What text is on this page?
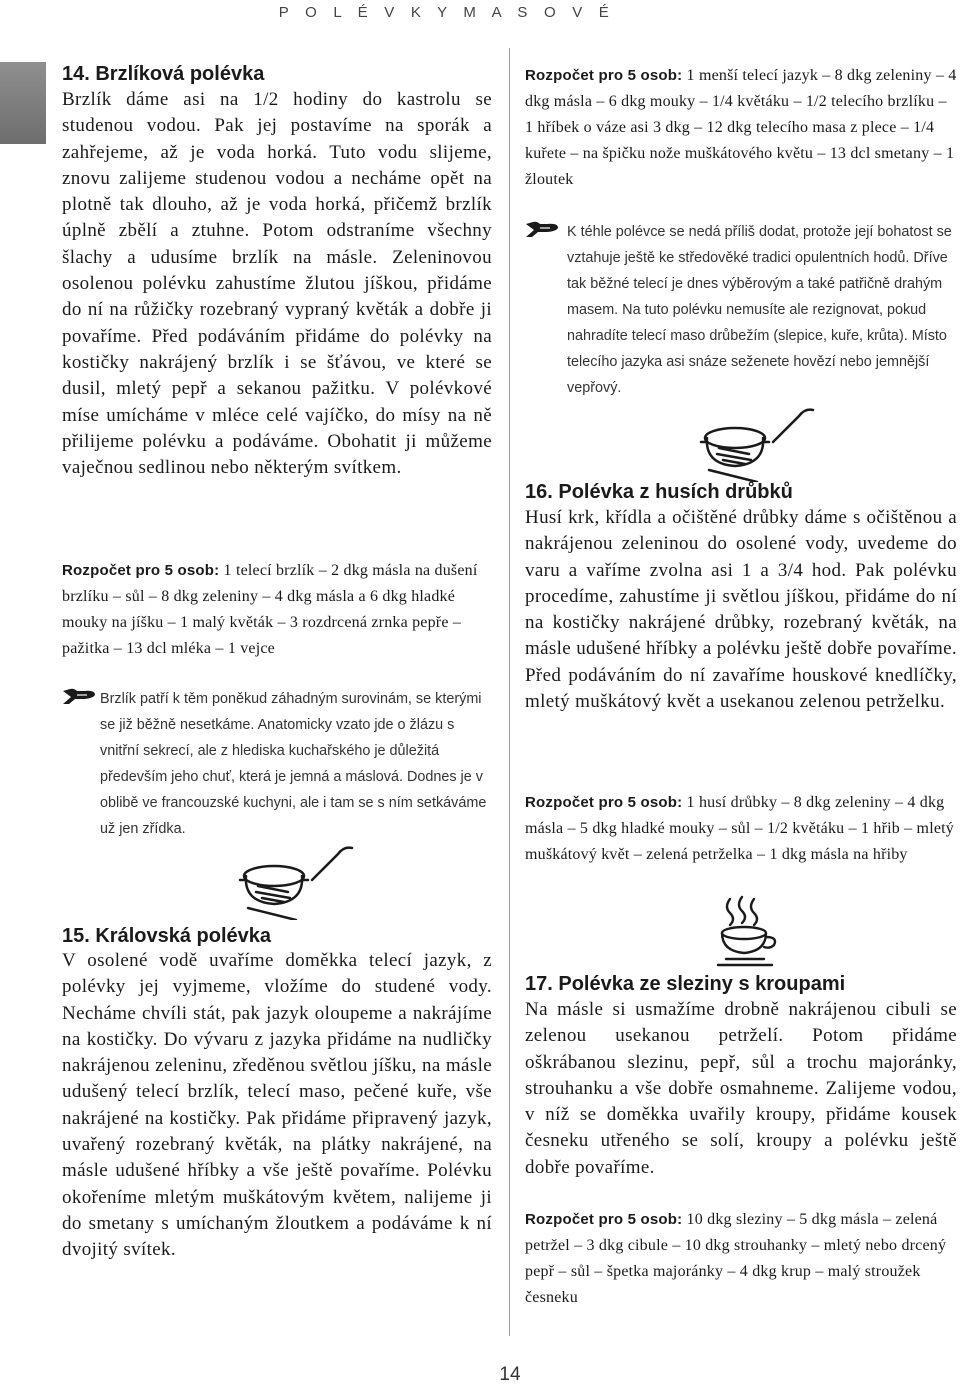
P O L É V K Y M A S O V É
14. Brzlíková polévka

Brzlík dáme asi na 1/2 hodiny do kastrolu se studenou vodou. Pak jej postavíme na sporák a zahřejeme, až je voda horká. Tuto vodu slijeme, znovu zalijeme studenou vodou a necháme opět na plotně tak dlouho, až je voda horká, přičemž brzlík úplně zbělí a ztuhne. Potom odstraníme všechny šlachy a udusíme brzlík na másle. Zeleninovou osolenou polévku zahustíme žlutou jíškou, přidáme do ní na růžičky rozebraný vypraný květák a dobře ji povaříme. Před podáváním přidáme do polévky na kostičky nakrájený brzlík i se šťávou, ve které se dusil, mletý pepř a sekanou pažitku. V polévkové míse umícháme v mléce celé vajíčko, do mísy na ně přilijeme polévku a podáváme. Obohatit ji můžeme vaječnou sedlinou nebo některým svítkem.

Rozpočet pro 5 osob: 1 telecí brzlík – 2 dkg másla na dušení brzlíku – sůl – 8 dkg zeleniny – 4 dkg másla a 6 dkg hladké mouky na jíšku – 1 malý květák – 3 rozdrcená zrnka pepře – pažitka – 13 dcl mléka – 1 vejce

Brzlík patří k těm poněkud záhadným surovinám, se kterými se již běžně nesetkáme. Anatomicky vzato jde o žlázu s vnitřní sekrecí, ale z hlediska kuchařského je důležitá především jeho chuť, která je jemná a máslová. Dodnes je v oblibě ve francouzské kuchyni, ale i tam se s ním setkáváme už jen zřídka.
15. Královská polévka

V osolené vodě uvaříme doměkka telecí jazyk, z polévky jej vyjmeme, vložíme do studené vody. Necháme chvíli stát, pak jazyk oloupeme a nakrájíme na kostičky. Do vývaru z jazyka přidáme na nudličky nakrájenou zeleninu, zředěnou světlou jíšku, na másle udušený telecí brzlík, telecí maso, pečené kuře, vše nakrájené na kostičky. Pak přidáme připravený jazyk, uvařený rozebraný květák, na plátky nakrájené, na másle udušené hříbky a vše ještě povaříme. Polévku okořeníme mletým muškátovým květem, nalijeme ji do smetany s umíchaným žloutkem a podáváme k ní dvojitý svítek.

Rozpočet pro 5 osob: 1 menší telecí jazyk – 8 dkg zeleniny – 4 dkg másla – 6 dkg mouky – 1/4 květáku – 1/2 telecího brzlíku – 1 hříbek o váze asi 3 dkg – 12 dkg telecího masa z plece – 1/4 kuřete – na špičku nože muškátového květu – 13 dcl smetany – 1 žloutek

K téhle polévce se nedá příliš dodat, protože její bohatost se vztahuje ještě ke středověké tradici opulentních hodů. Dříve tak běžné telecí je dnes výběrovým a také patřičně drahým masem. Na tuto polévku nemusíte ale rezignovat, pokud nahradíte telecí maso drůbežím (slepice, kuře, krůta). Místo telecího jazyka asi snáze seženete hovězí nebo jemnější vepřový.
16. Polévka z husích drůbků

Husí krk, křídla a očištěné drůbky dáme s očištěnou a nakrájenou zeleninou do osolené vody, uvedeme do varu a vaříme zvolna asi 1 a 3/4 hod. Pak polévku procedíme, zahustíme ji světlou jíškou, přidáme do ní na kostičky nakrájené drůbky, rozebraný květák, na másle udušené hříbky a polévku ještě dobře povaříme. Před podáváním do ní zavaříme houskové knedlíčky, mletý muškátový květ a usekanou zelenou petrželku.

Rozpočet pro 5 osob: 1 husí drůbky – 8 dkg zeleniny – 4 dkg másla – 5 dkg hladké mouky – sůl – 1/2 květáku – 1 hřib – mletý muškátový květ – zelená petrželka – 1 dkg másla na hřiby

17. Polévka ze sleziny s kroupami

Na másle si usmažíme drobně nakrájenou cibuli se zelenou usekanou petrželí. Potom přidáme oškrábanou slezinu, pepř, sůl a trochu majoránky, strouhanku a vše dobře osmahneme. Zalijeme vodou, v níž se doměkka uvařily kroupy, přidáme kousek česneku utřeného se solí, kroupy a polévku ještě dobře povaříme.

Rozpočet pro 5 osob: 10 dkg sleziny – 5 dkg másla – zelená petržel – 3 dkg cibule – 10 dkg strouhanky – mletý nebo drcený pepř – sůl – špetka majoránky – 4 dkg krup – malý stroužek česneku

14
